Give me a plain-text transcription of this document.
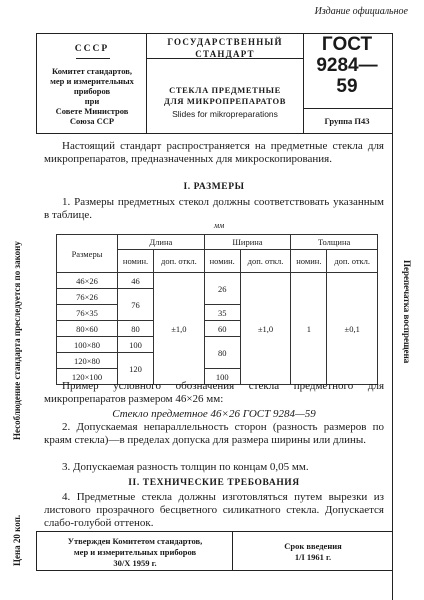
Издание официальное
СССР
Комитет стандартов,
мер и измерительных
приборов
при
Совете Министров
Союза ССР
ГОСУДАРСТВЕННЫЙ
СТАНДАРТ
СТЕКЛА ПРЕДМЕТНЫЕ
ДЛЯ МИКРОПРЕПАРАТОВ
Slides for mikropreparations
ГОСТ
9284—59
Группа П43
Настоящий стандарт распространяется на предметные стекла для микропрепаратов, предназначенных для микроскопирования.
I. РАЗМЕРЫ
1. Размеры предметных стекол должны соответствовать указанным в таблице.
мм
Размеры	Длина		Ширина		Толщина	
	номин.	доп. откл.	номин.	доп. откл.	номин.	доп. откл.
46×26	46	±1,0	26	±1,0	1	±0,1
76×26	76					
76×35			35			
80×60	80		60			
100×80	100		80			
120×80	120					
120×100			100			
Пример условного обозначения стекла предметного для микропрепаратов размером 46×26 мм:
Стекло предметное 46×26 ГОСТ 9284—59
2. Допускаемая непараллельность сторон (разность размеров по краям стекла)—в пределах допуска для размера ширины или длины.
3. Допускаемая разность толщин по концам 0,05 мм.
II. ТЕХНИЧЕСКИЕ ТРЕБОВАНИЯ
4. Предметные стекла должны изготовляться путем вырезки из листового прозрачного бесцветного силикатного стекла. Допускается слабо-голубой оттенок.
Утвержден Комитетом стандартов,
мер и измерительных приборов
30/X 1959 г.
Срок введения
1/I 1961 г.
Несоблюдение стандарта преследуется по закону
Цена 20 коп.
Перепечатка воспрещена
